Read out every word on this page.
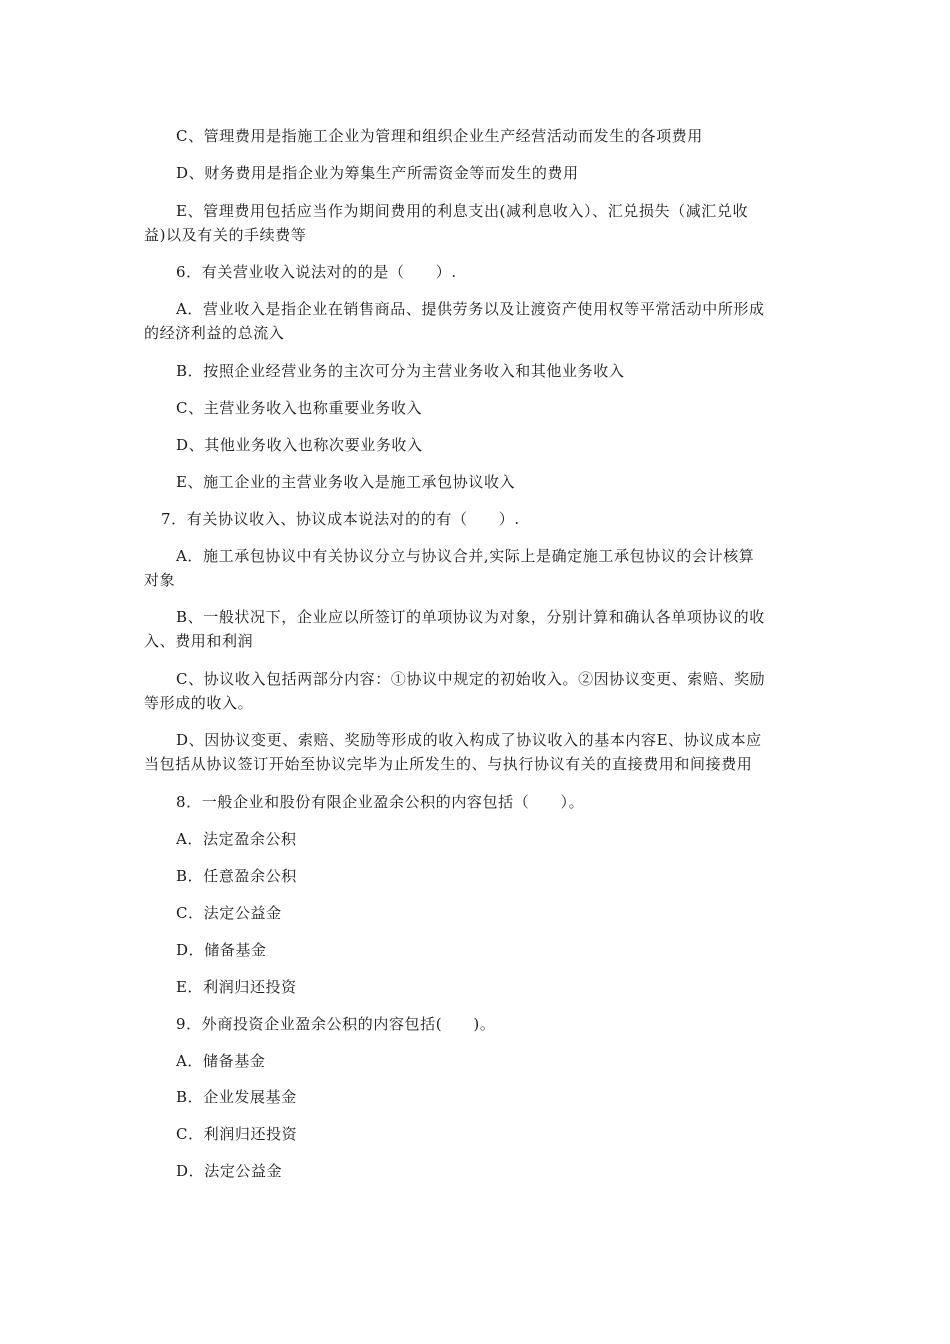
C、管理费用是指施工企业为管理和组织企业生产经营活动而发生的各项费用
D、财务费用是指企业为筹集生产所需资金等而发生的费用
E、管理费用包括应当作为期间费用的利息支出(减利息收入）、汇兑损失（减汇兑收
益)以及有关的手续费等
6．有关营业收入说法对的的是（　　）.
A．营业收入是指企业在销售商品、提供劳务以及让渡资产使用权等平常活动中所形成
的经济利益的总流入
B．按照企业经营业务的主次可分为主营业务收入和其他业务收入
C、主营业务收入也称重要业务收入
D、其他业务收入也称次要业务收入
E、施工企业的主营业务收入是施工承包协议收入
7．有关协议收入、协议成本说法对的的有（　　）.
A．施工承包协议中有关协议分立与协议合并,实际上是确定施工承包协议的会计核算
对象
B、一般状况下，企业应以所签订的单项协议为对象，分别计算和确认各单项协议的收
入、费用和利润
C、协议收入包括两部分内容：①协议中规定的初始收入。②因协议变更、索赔、奖励
等形成的收入。
D、因协议变更、索赔、奖励等形成的收入构成了协议收入的基本内容E、协议成本应
当包括从协议签订开始至协议完毕为止所发生的、与执行协议有关的直接费用和间接费用
8．一般企业和股份有限企业盈余公积的内容包括（　　）。
A．法定盈余公积
B．任意盈余公积
C．法定公益金
D．储备基金
E．利润归还投资
9．外商投资企业盈余公积的内容包括(　　)。
A．储备基金
B．企业发展基金
C．利润归还投资
D．法定公益金
